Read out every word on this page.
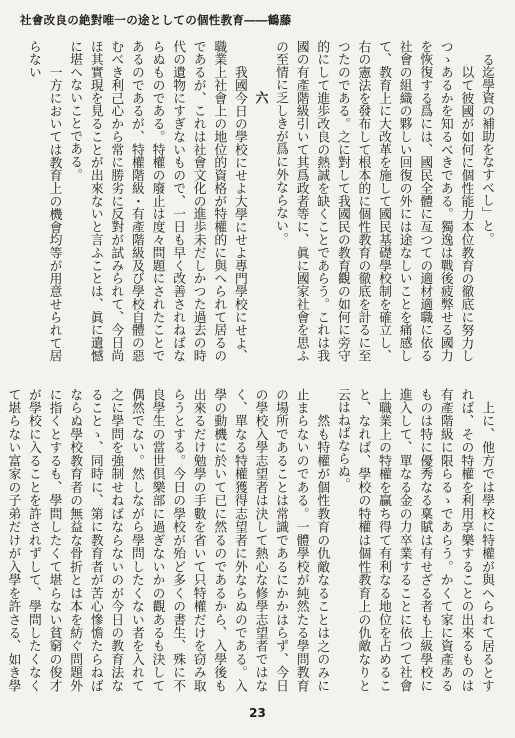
社會改良の絶對唯一の途としての個性教育――鶴藤

る迄學資の補助をなすべし」と。

　以て彼國が如何に個性能力本位教育の徹底に努力しつゝあるかを知るべきである。獨逸は戰後疲弊せる國力を恢復する爲には、國民全體に亙つての適材適職に依る社會の組織の夥しい回復の外には途なしいことを痛感して、教育上に大改革を施して國民基礎學校制を確立し、右の憲法を發布して根本的に個性教育の徹底を計るに至つたのである。之に對して我國民の教育觀の如何に旁守的にして進歩改良の熱誠を缺くことであらう。これは我國の有產階級引いて其爲政者等に、眞に國家社會を思ふの至情に乏しきが爲に外ならない。

六

　我國今日の學校にせよ大學にせよ專門學校にせよ、職業上社會上の地位的資格が特權的に與へられて居るのであるが、これは社會文化の進歩未だしかつた過去の時代の遺物にすぎないもので、一日も早く改善されねばならぬものである。特權の廢止は度々問題にされたことであるのであるが、特權階級・有產階級及び學校自體の惡むべき利己心から常に勝劣に反對が試みられて、今日尚ほ其實現を見ることが出來ないと言ふことは、眞に遺憾に堪へないことである。

　一方においては教育上の機會均等が用意せられて居らない

上に、他方では學校に特權が與へられて居るとすれば、その特權を利用享樂することの出來るものは有產階級に限らるゝであらう。かくて家に資產あるものは特に優秀なる稟賦は有せざる者も上級學校に進入して、單なる金の力卒業することに依つて社會上職業上の特權を贏ち得て有利なる地位を占めること、なれば、學校の特權は個性教育上の仇敵なりと云はねばならぬ。

　然も特權が個性教育の仇敵なることは之のみに止まらないのである。一體學校が純然たる學問教育の場所であることは常識であるにかかはらず、今日の學校入學志望者は決して熱心な修學志望者ではなく、單なる特權獲得志望者に外ならぬのである。入學の動機に於いて已に然るのであるから、入學後も出來るだけ勉學の手數を省いて只特權だけを窃み取らうとする。今日の學校が殆ど多くの書生、殊に不良學生の當世倶樂部に過ぎないかの觀あるも決して偶然でない。然しながら學問したくない者を入れて之に學問を強制せねばならないのが今日の教育法なることゝ、同時に、第に教育者が苦心慘憺たらねばならぬ學校教育者の無益な骨折とは本を紡ぐ問題外に指くとするも、學問したくて堪らない貧窮の俊才が學校に入ることを許されずして、學問したくなくて堪らない富家の子弟だけが入學を許さる、如き學

23
